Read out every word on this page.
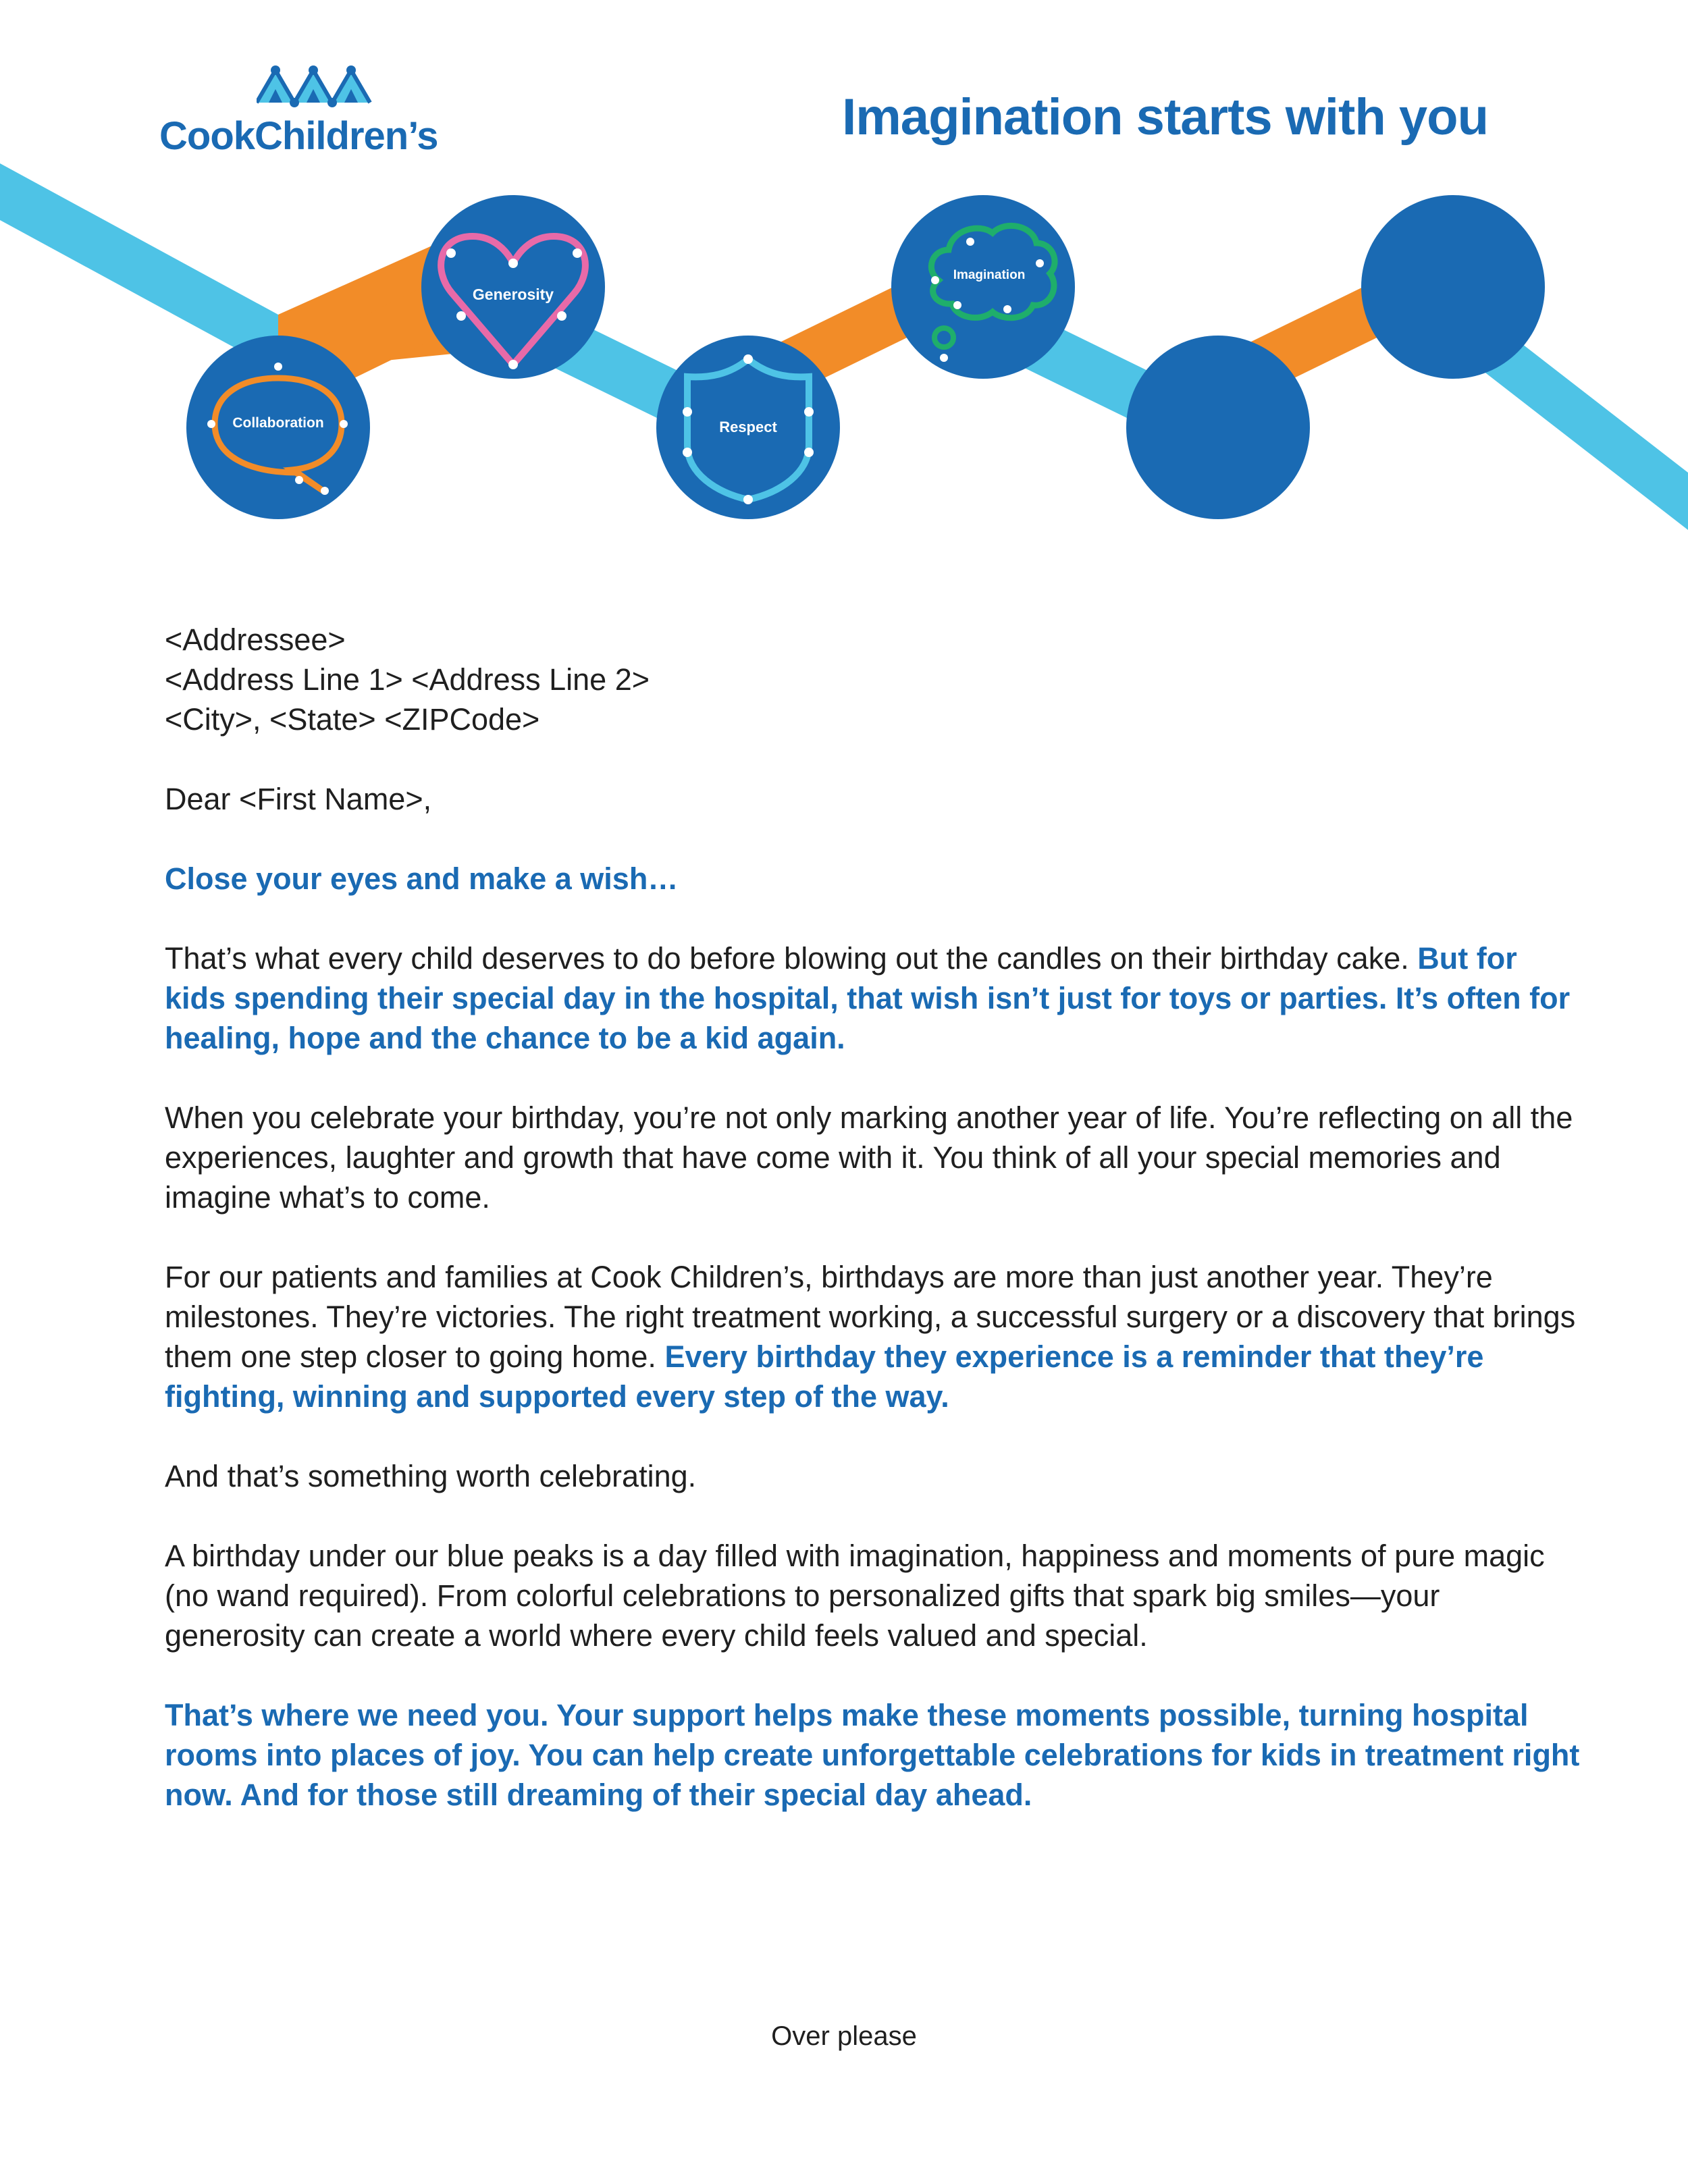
CookChildren’s	Imagination starts with you
Collaboration
Generosity
Respect
Imagination

<Addressee>

<Address Line 1> <Address Line 2>

<City>, <State> <ZIPCode>

Dear <First Name>,

Close your eyes and make a wish…

That’s what every child deserves to do before blowing out the candles on their birthday cake. But for kids spending their special day in the hospital, that wish isn’t just for toys or parties. It’s often for healing, hope and the chance to be a kid again.

When you celebrate your birthday, you’re not only marking another year of life. You’re reflecting on all the experiences, laughter and growth that have come with it. You think of all your special memories and imagine what’s to come.

For our patients and families at Cook Children’s, birthdays are more than just another year. They’re milestones. They’re victories. The right treatment working, a successful surgery or a discovery that brings them one step closer to going home. Every birthday they experience is a reminder that they’re fighting, winning and supported every step of the way.

And that’s something worth celebrating.

A birthday under our blue peaks is a day filled with imagination, happiness and moments of pure magic (no wand required). From colorful celebrations to personalized gifts that spark big smiles—your generosity can create a world where every child feels valued and special.

That’s where we need you. Your support helps make these moments possible, turning hospital rooms into places of joy. You can help create unforgettable celebrations for kids in treatment right now. And for those still dreaming of their special day ahead.

Over please
